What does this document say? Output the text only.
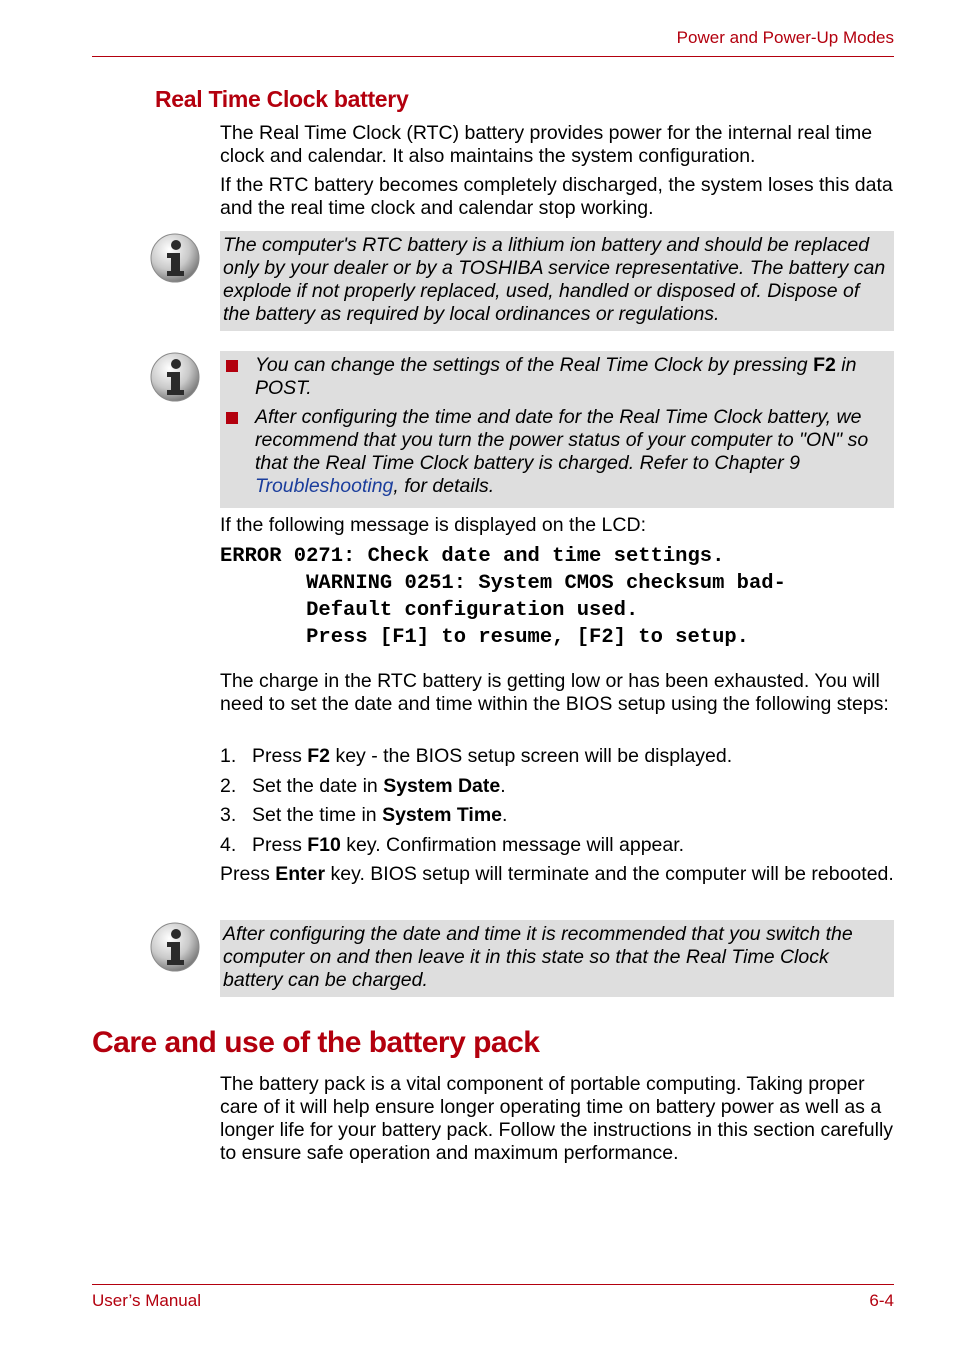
Power and Power-Up Modes
Real Time Clock battery

The Real Time Clock (RTC) battery provides power for the internal real time clock and calendar. It also maintains the system configuration.

If the RTC battery becomes completely discharged, the system loses this data and the real time clock and calendar stop working.

The computer's RTC battery is a lithium ion battery and should be replaced only by your dealer or by a TOSHIBA service representative. The battery can explode if not properly replaced, used, handled or disposed of. Dispose of the battery as required by local ordinances or regulations.
You can change the settings of the Real Time Clock by pressing F2 in POST.
After configuring the time and date for the Real Time Clock battery, we recommend that you turn the power status of your computer to "ON" so that the Real Time Clock battery is charged. Refer to Chapter 9 Troubleshooting, for details.

If the following message is displayed on the LCD:

ERROR 0271: Check date and time settings.
WARNING 0251: System CMOS checksum bad-
Default configuration used.
Press [F1] to resume, [F2] to setup.

The charge in the RTC battery is getting low or has been exhausted. You will need to set the date and time within the BIOS setup using the following steps:

1. Press F2 key - the BIOS setup screen will be displayed.
2. Set the date in System Date.
3. Set the time in System Time.
4. Press F10 key. Confirmation message will appear.

Press Enter key. BIOS setup will terminate and the computer will be rebooted.

After configuring the date and time it is recommended that you switch the computer on and then leave it in this state so that the Real Time Clock battery can be charged.
Care and use of the battery pack

The battery pack is a vital component of portable computing. Taking proper care of it will help ensure longer operating time on battery power as well as a longer life for your battery pack. Follow the instructions in this section carefully to ensure safe operation and maximum performance.

User’s Manual	6-4
